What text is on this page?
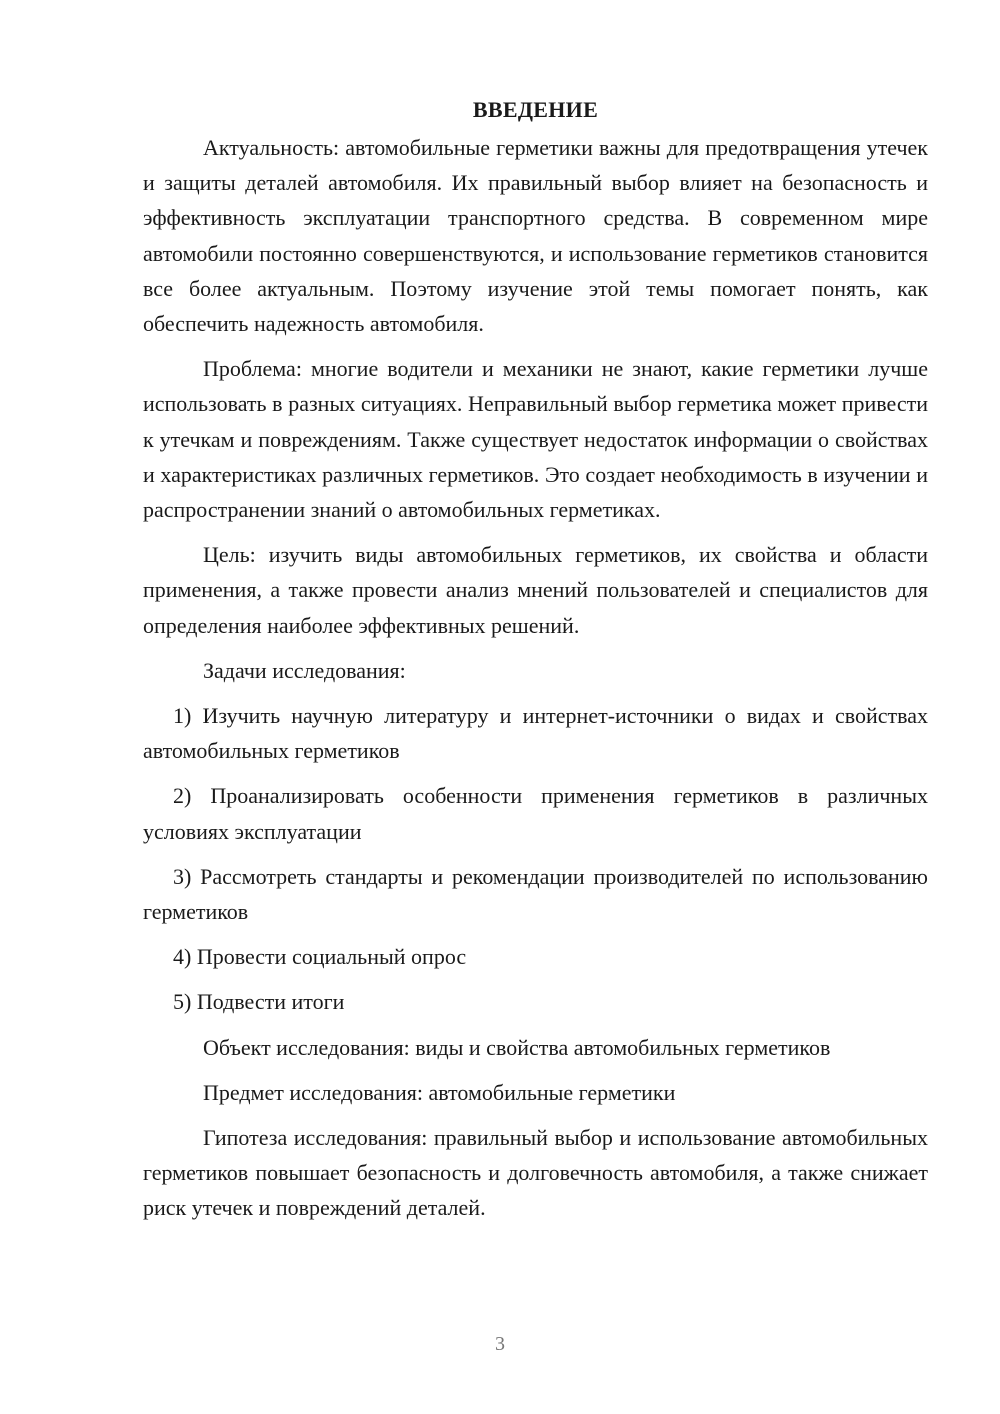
ВВЕДЕНИЕ

Актуальность: автомобильные герметики важны для предотвращения утечек и защиты деталей автомобиля. Их правильный выбор влияет на безопасность и эффективность эксплуатации транспортного средства. В современном мире автомобили постоянно совершенствуются, и использование герметиков становится все более актуальным. Поэтому изучение этой темы помогает понять, как обеспечить надежность автомобиля.

Проблема: многие водители и механики не знают, какие герметики лучше использовать в разных ситуациях. Неправильный выбор герметика может привести к утечкам и повреждениям. Также существует недостаток информации о свойствах и характеристиках различных герметиков. Это создает необходимость в изучении и распространении знаний о автомобильных герметиках.

Цель: изучить виды автомобильных герметиков, их свойства и области применения, а также провести анализ мнений пользователей и специалистов для определения наиболее эффективных решений.

Задачи исследования:

1) Изучить научную литературу и интернет-источники о видах и свойствах автомобильных герметиков

2) Проанализировать особенности применения герметиков в различных условиях эксплуатации

3) Рассмотреть стандарты и рекомендации производителей по использованию герметиков

4) Провести социальный опрос

5) Подвести итоги

Объект исследования: виды и свойства автомобильных герметиков

Предмет исследования: автомобильные герметики

Гипотеза исследования: правильный выбор и использование автомобильных герметиков повышает безопасность и долговечность автомобиля, а также снижает риск утечек и повреждений деталей.

3
